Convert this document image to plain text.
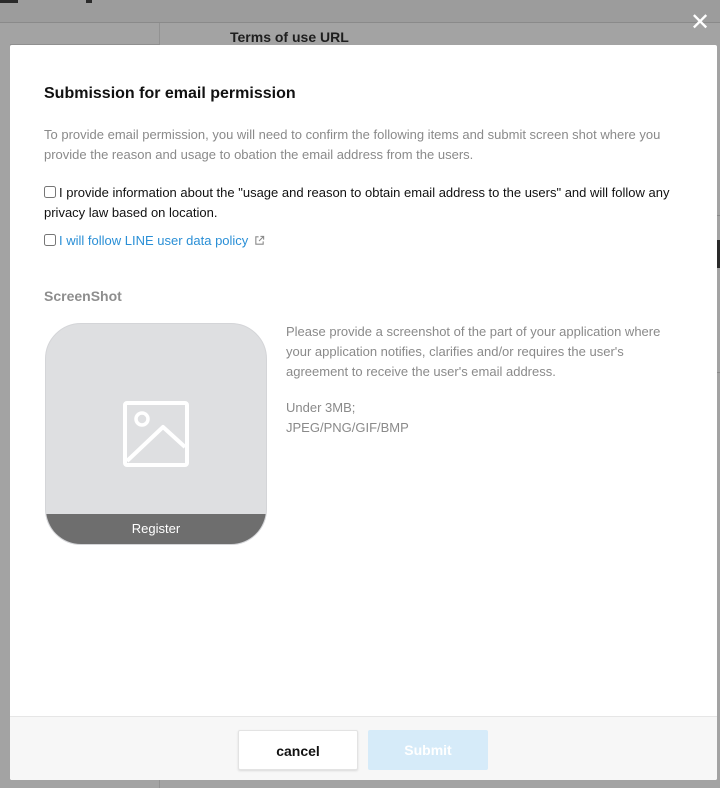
Terms of use URL
✕
Submission for email permission

To provide email permission, you will need to confirm the following items and submit screen shot where you provide the reason and usage to obation the email address from the users.

I provide information about the "usage and reason to obtain email address to the users" and will follow any privacy law based on location.
I will follow LINE user data policy
ScreenShot
Register

Please provide a screenshot of the part of your application where your application notifies, clarifies and/or requires the user's agreement to receive the user's email address.

Under 3MB;
JPEG/PNG/GIF/BMP
cancel	Submit
